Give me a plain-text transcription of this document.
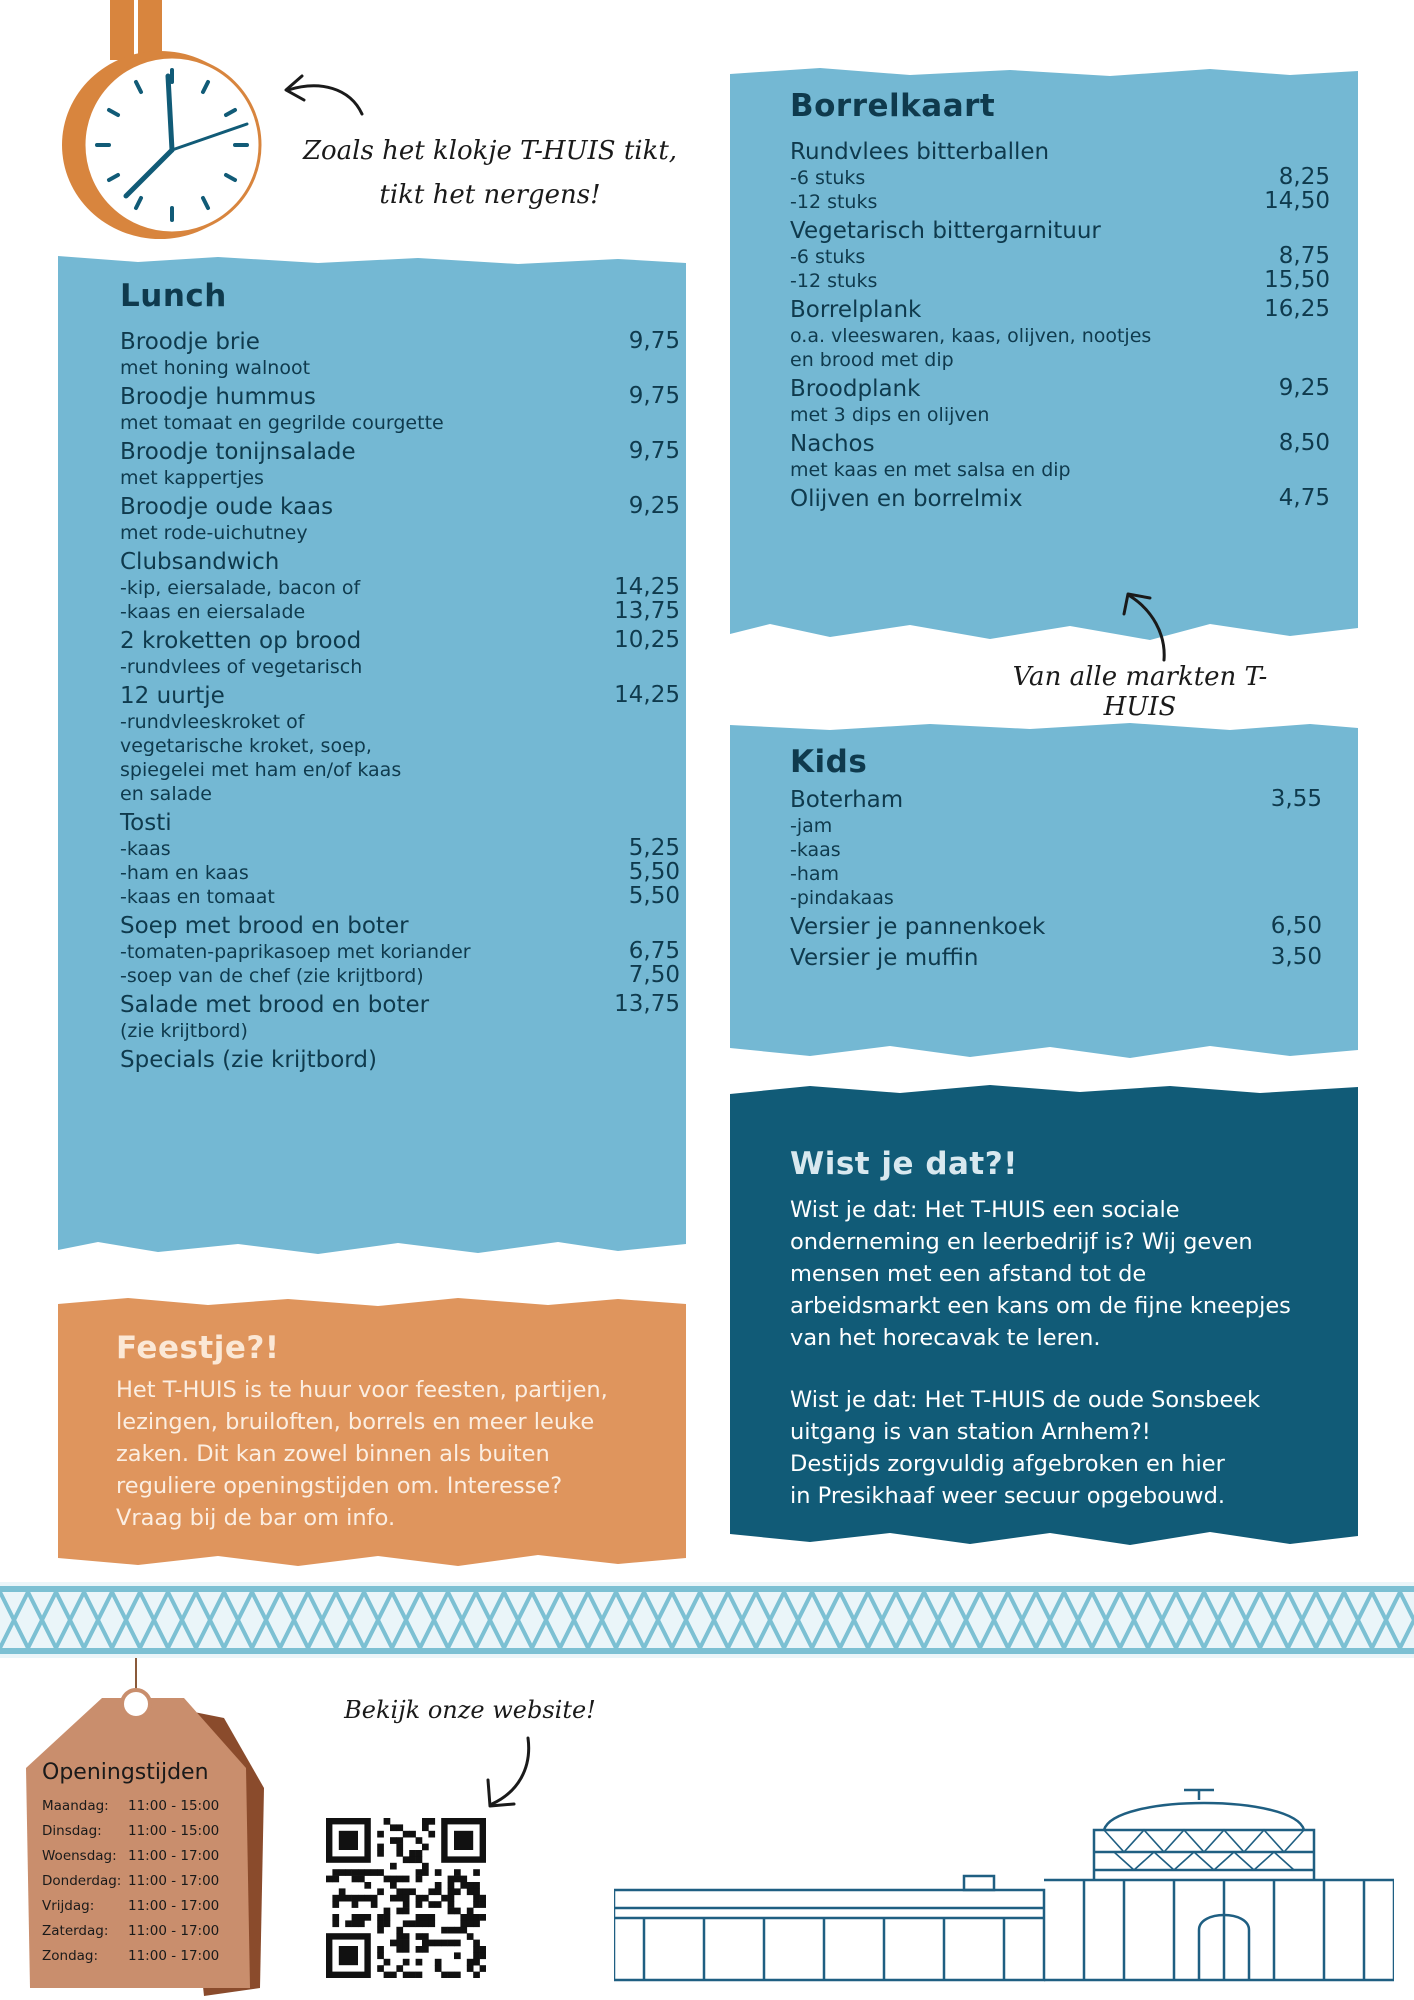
Zoals het klokje T-HUIS tikt,
tikt het nergens!
Lunch
Broodje brie	9,75
met honing walnoot
Broodje hummus	9,75
met tomaat en gegrilde courgette
Broodje tonijnsalade	9,75
met kappertjes
Broodje oude kaas	9,25
met rode-uichutney
Clubsandwich
-kip, eiersalade, bacon of	14,25
-kaas en eiersalade	13,75
2 kroketten op brood	10,25
-rundvlees of vegetarisch
12 uurtje	14,25
-rundvleeskroket of
vegetarische kroket, soep,
spiegelei met ham en/of kaas
en salade
Tosti
-kaas	5,25
-ham en kaas	5,50
-kaas en tomaat	5,50
Soep met brood en boter
-tomaten-paprikasoep met koriander	6,75
-soep van de chef (zie krijtbord)	7,50
Salade met brood en boter	13,75
(zie krijtbord)
Specials (zie krijtbord)
Feestje?!
Het T-HUIS is te huur voor feesten, partijen,
lezingen, bruiloften, borrels en meer leuke
zaken. Dit kan zowel binnen als buiten
reguliere openingstijden om. Interesse?
Vraag bij de bar om info.
Borrelkaart
Rundvlees bitterballen
-6 stuks	8,25
-12 stuks	14,50
Vegetarisch bittergarnituur
-6 stuks	8,75
-12 stuks	15,50
Borrelplank	16,25
o.a. vleeswaren, kaas, olijven, nootjes
en brood met dip
Broodplank	9,25
met 3 dips en olijven
Nachos	8,50
met kaas en met salsa en dip
Olijven en borrelmix	4,75
Van alle markten T-HUIS
Kids
Boterham	3,55
-jam
-kaas
-ham
-pindakaas
Versier je pannenkoek	6,50
Versier je muffin	3,50
Wist je dat?!
Wist je dat: Het T-HUIS een sociale
onderneming en leerbedrijf is? Wij geven
mensen met een afstand tot de
arbeidsmarkt een kans om de fijne kneepjes
van het horecavak te leren.
Wist je dat: Het T-HUIS de oude Sonsbeek
uitgang is van station Arnhem?!
Destijds zorgvuldig afgebroken en hier
in Presikhaaf weer secuur opgebouwd.
Openingstijden
Maandag: 11:00 - 15:00
Dinsdag: 11:00 - 15:00
Woensdag: 11:00 - 17:00
Donderdag: 11:00 - 17:00
Vrijdag:	11:00 - 17:00
Zaterdag: 11:00 - 17:00
Zondag: 11:00 - 17:00
Bekijk onze website!
